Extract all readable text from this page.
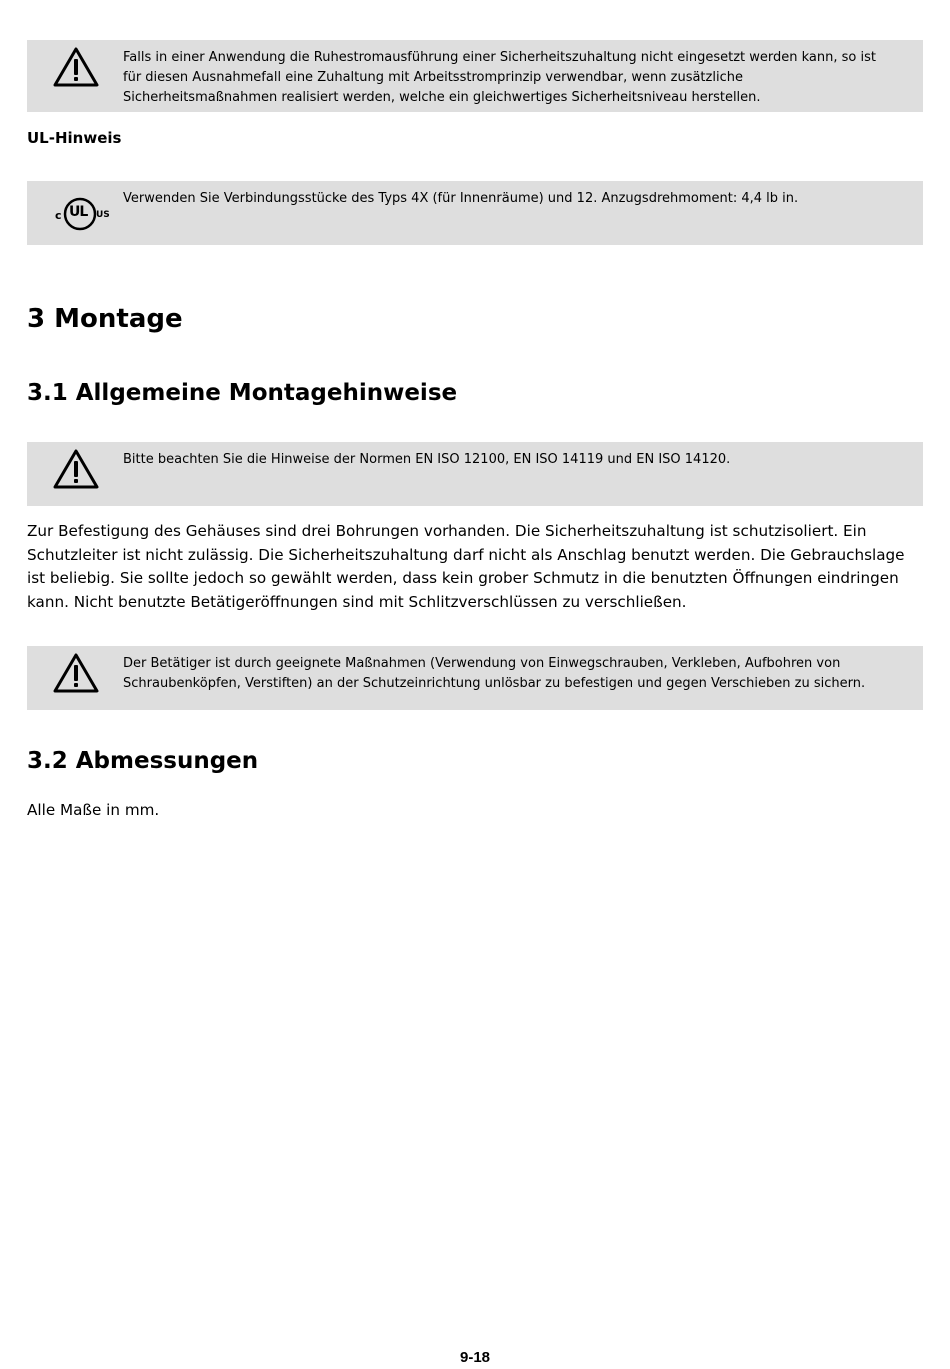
Falls in einer Anwendung die Ruhestromausführung einer Sicherheitszuhaltung nicht eingesetzt werden kann, so ist für diesen Ausnahmefall eine Zuhaltung mit Arbeitsstromprinzip verwendbar, wenn zusätzliche Sicherheitsmaßnahmen realisiert werden, welche ein gleichwertiges Sicherheitsniveau herstellen.
UL-Hinweis
c UL US
Verwenden Sie Verbindungsstücke des Typs 4X (für Innenräume) und 12. Anzugsdrehmoment: 4,4 lb in.
3 Montage
3.1 Allgemeine Montagehinweise
Bitte beachten Sie die Hinweise der Normen EN ISO 12100, EN ISO 14119 und EN ISO 14120.
Zur Befestigung des Gehäuses sind drei Bohrungen vorhanden. Die Sicherheitszuhaltung ist schutzisoliert. Ein Schutzleiter ist nicht zulässig. Die Sicherheitszuhaltung darf nicht als Anschlag benutzt werden. Die Gebrauchslage ist beliebig. Sie sollte jedoch so gewählt werden, dass kein grober Schmutz in die benutzten Öffnungen eindringen kann. Nicht benutzte Betätigeröffnungen sind mit Schlitzverschlüssen zu verschließen.
Der Betätiger ist durch geeignete Maßnahmen (Verwendung von Einwegschrauben, Verkleben, Aufbohren von Schraubenköpfen, Verstiften) an der Schutzeinrichtung unlösbar zu befestigen und gegen Verschieben zu sichern.
3.2 Abmessungen
Alle Maße in mm.
9-18
